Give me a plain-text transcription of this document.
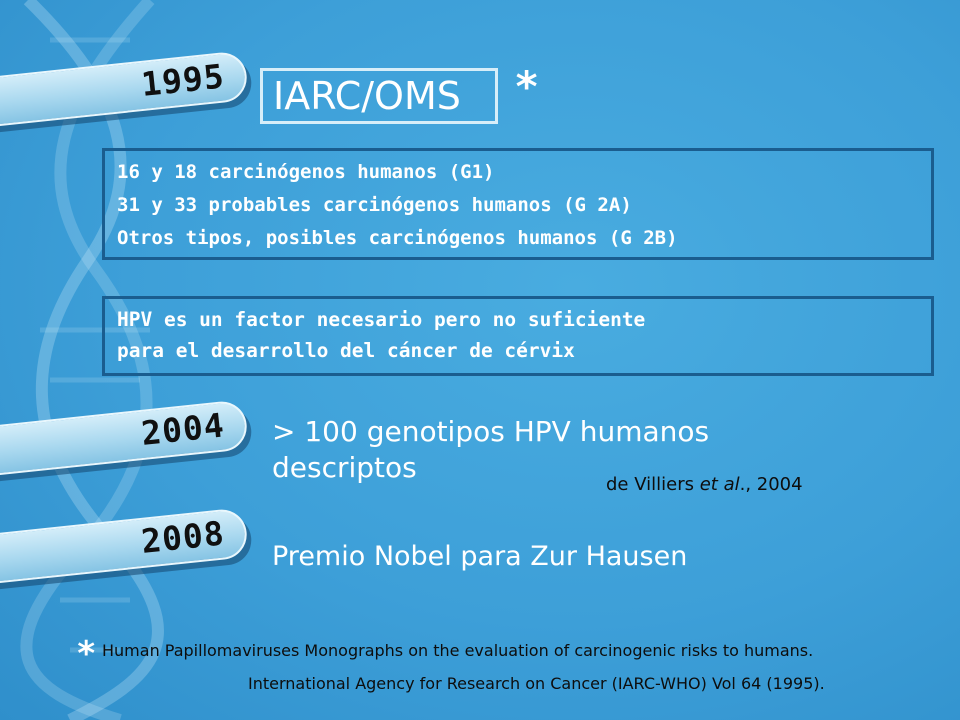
1995
2004
2008
IARC/OMS	*
16 y 18 carcinógenos humanos (G1)
31 y 33 probables carcinógenos humanos (G 2A)
Otros tipos, posibles carcinógenos humanos (G 2B)
HPV es un factor necesario pero no suficiente
para el desarrollo del cáncer de cérvix
> 100 genotipos HPV humanos descriptos
de Villiers et al., 2004
Premio Nobel para Zur Hausen
* Human Papillomaviruses Monographs on the evaluation of carcinogenic risks to humans.
International Agency for Research on Cancer (IARC-WHO) Vol 64 (1995).
